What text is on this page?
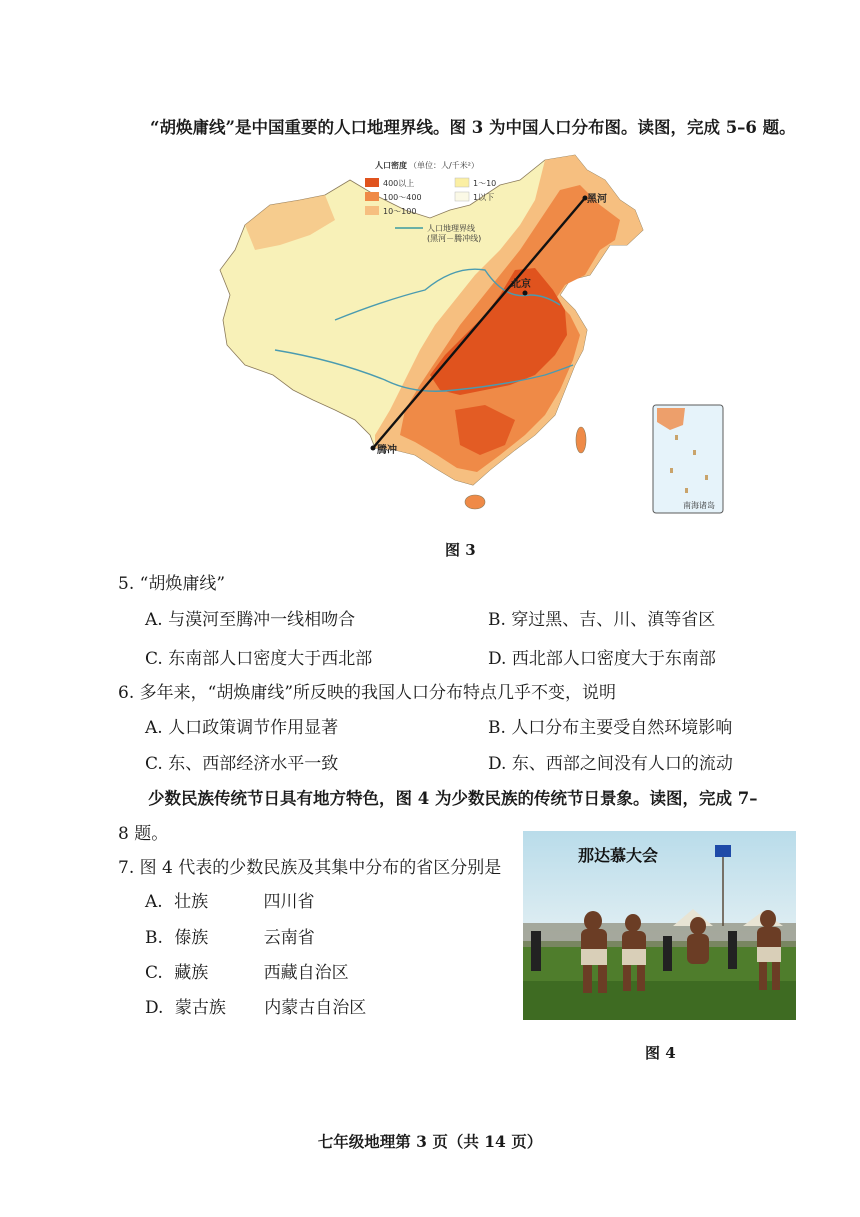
“胡焕庸线”是中国重要的人口地理界线。图 3 为中国人口分布图。读图，完成 5–6 题。
黑河
北京
腾冲
人口密度 （单位：人/千米²）
400以上
100～400
10～100
1～10
1以下
人口地理界线
(黑河－腾冲线)
南海诸岛
图 3
5. “胡焕庸线”
A. 与漠河至腾冲一线相吻合	B. 穿过黑、吉、川、滇等省区
C. 东南部人口密度大于西北部	D. 西北部人口密度大于东南部
6. 多年来，“胡焕庸线”所反映的我国人口分布特点几乎不变，说明
A. 人口政策调节作用显著	B. 人口分布主要受自然环境影响
C. 东、西部经济水平一致	D. 东、西部之间没有人口的流动
少数民族传统节日具有地方特色，图 4 为少数民族的传统节日景象。读图，完成 7–
8 题。
7. 图 4 代表的少数民族及其集中分布的省区分别是
A. 壮族	四川省
B. 傣族	云南省
C. 藏族	西藏自治区
D. 蒙古族 内蒙古自治区
那达慕大会
图 4
七年级地理第 3 页（共 14 页）
